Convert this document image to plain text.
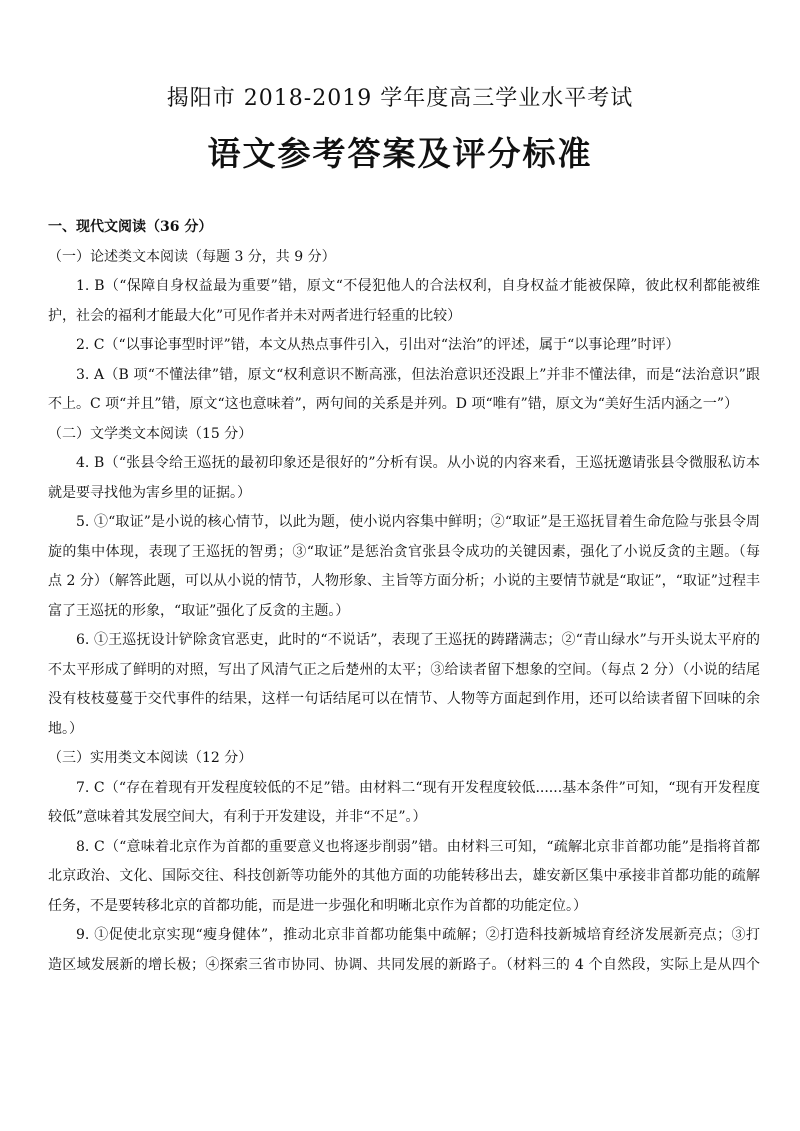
揭阳市 2018-2019 学年度高三学业水平考试
语文参考答案及评分标准
一、现代文阅读（36 分）
（一）论述类文本阅读（每题 3 分，共 9 分）
1. B（“保障自身权益最为重要”错，原文“不侵犯他人的合法权利，自身权益才能被保障，彼此权利都能被维
护，社会的福利才能最大化”可见作者并未对两者进行轻重的比较）
2. C（“以事论事型时评”错，本文从热点事件引入，引出对“法治”的评述，属于“以事论理”时评）
3. A（B 项“不懂法律”错，原文“权利意识不断高涨，但法治意识还没跟上”并非不懂法律，而是“法治意识”跟
不上。C 项“并且”错，原文“这也意味着”，两句间的关系是并列。D 项“唯有”错，原文为“美好生活内涵之一”）
（二）文学类文本阅读（15 分）
4. B（“张县令给王巡抚的最初印象还是很好的”分析有误。从小说的内容来看，王巡抚邀请张县令微服私访本
就是要寻找他为害乡里的证据。）
5. ①“取证”是小说的核心情节，以此为题，使小说内容集中鲜明；②“取证”是王巡抚冒着生命危险与张县令周
旋的集中体现，表现了王巡抚的智勇；③“取证”是惩治贪官张县令成功的关键因素，强化了小说反贪的主题。（每
点 2 分）（解答此题，可以从小说的情节，人物形象、主旨等方面分析；小说的主要情节就是“取证”，“取证”过程丰
富了王巡抚的形象，“取证”强化了反贪的主题。）
6. ①王巡抚设计铲除贪官恶吏，此时的“不说话”，表现了王巡抚的踌躇满志；②“青山绿水”与开头说太平府的
不太平形成了鲜明的对照，写出了风清气正之后楚州的太平；③给读者留下想象的空间。（每点 2 分）（小说的结尾
没有枝枝蔓蔓于交代事件的结果，这样一句话结尾可以在情节、人物等方面起到作用，还可以给读者留下回味的余
地。）
（三）实用类文本阅读（12 分）
7. C（“存在着现有开发程度较低的不足”错。由材料二“现有开发程度较低......基本条件”可知，“现有开发程度
较低”意味着其发展空间大，有利于开发建设，并非“不足”。）
8. C（“意味着北京作为首都的重要意义也将逐步削弱”错。由材料三可知，“疏解北京非首都功能”是指将首都
北京政治、文化、国际交往、科技创新等功能外的其他方面的功能转移出去，雄安新区集中承接非首都功能的疏解
任务，不是要转移北京的首都功能，而是进一步强化和明晰北京作为首都的功能定位。）
9. ①促使北京实现“瘦身健体”，推动北京非首都功能集中疏解；②打造科技新城培育经济发展新亮点；③打
造区域发展新的增长极；④探索三省市协同、协调、共同发展的新路子。（材料三的 4 个自然段，实际上是从四个
